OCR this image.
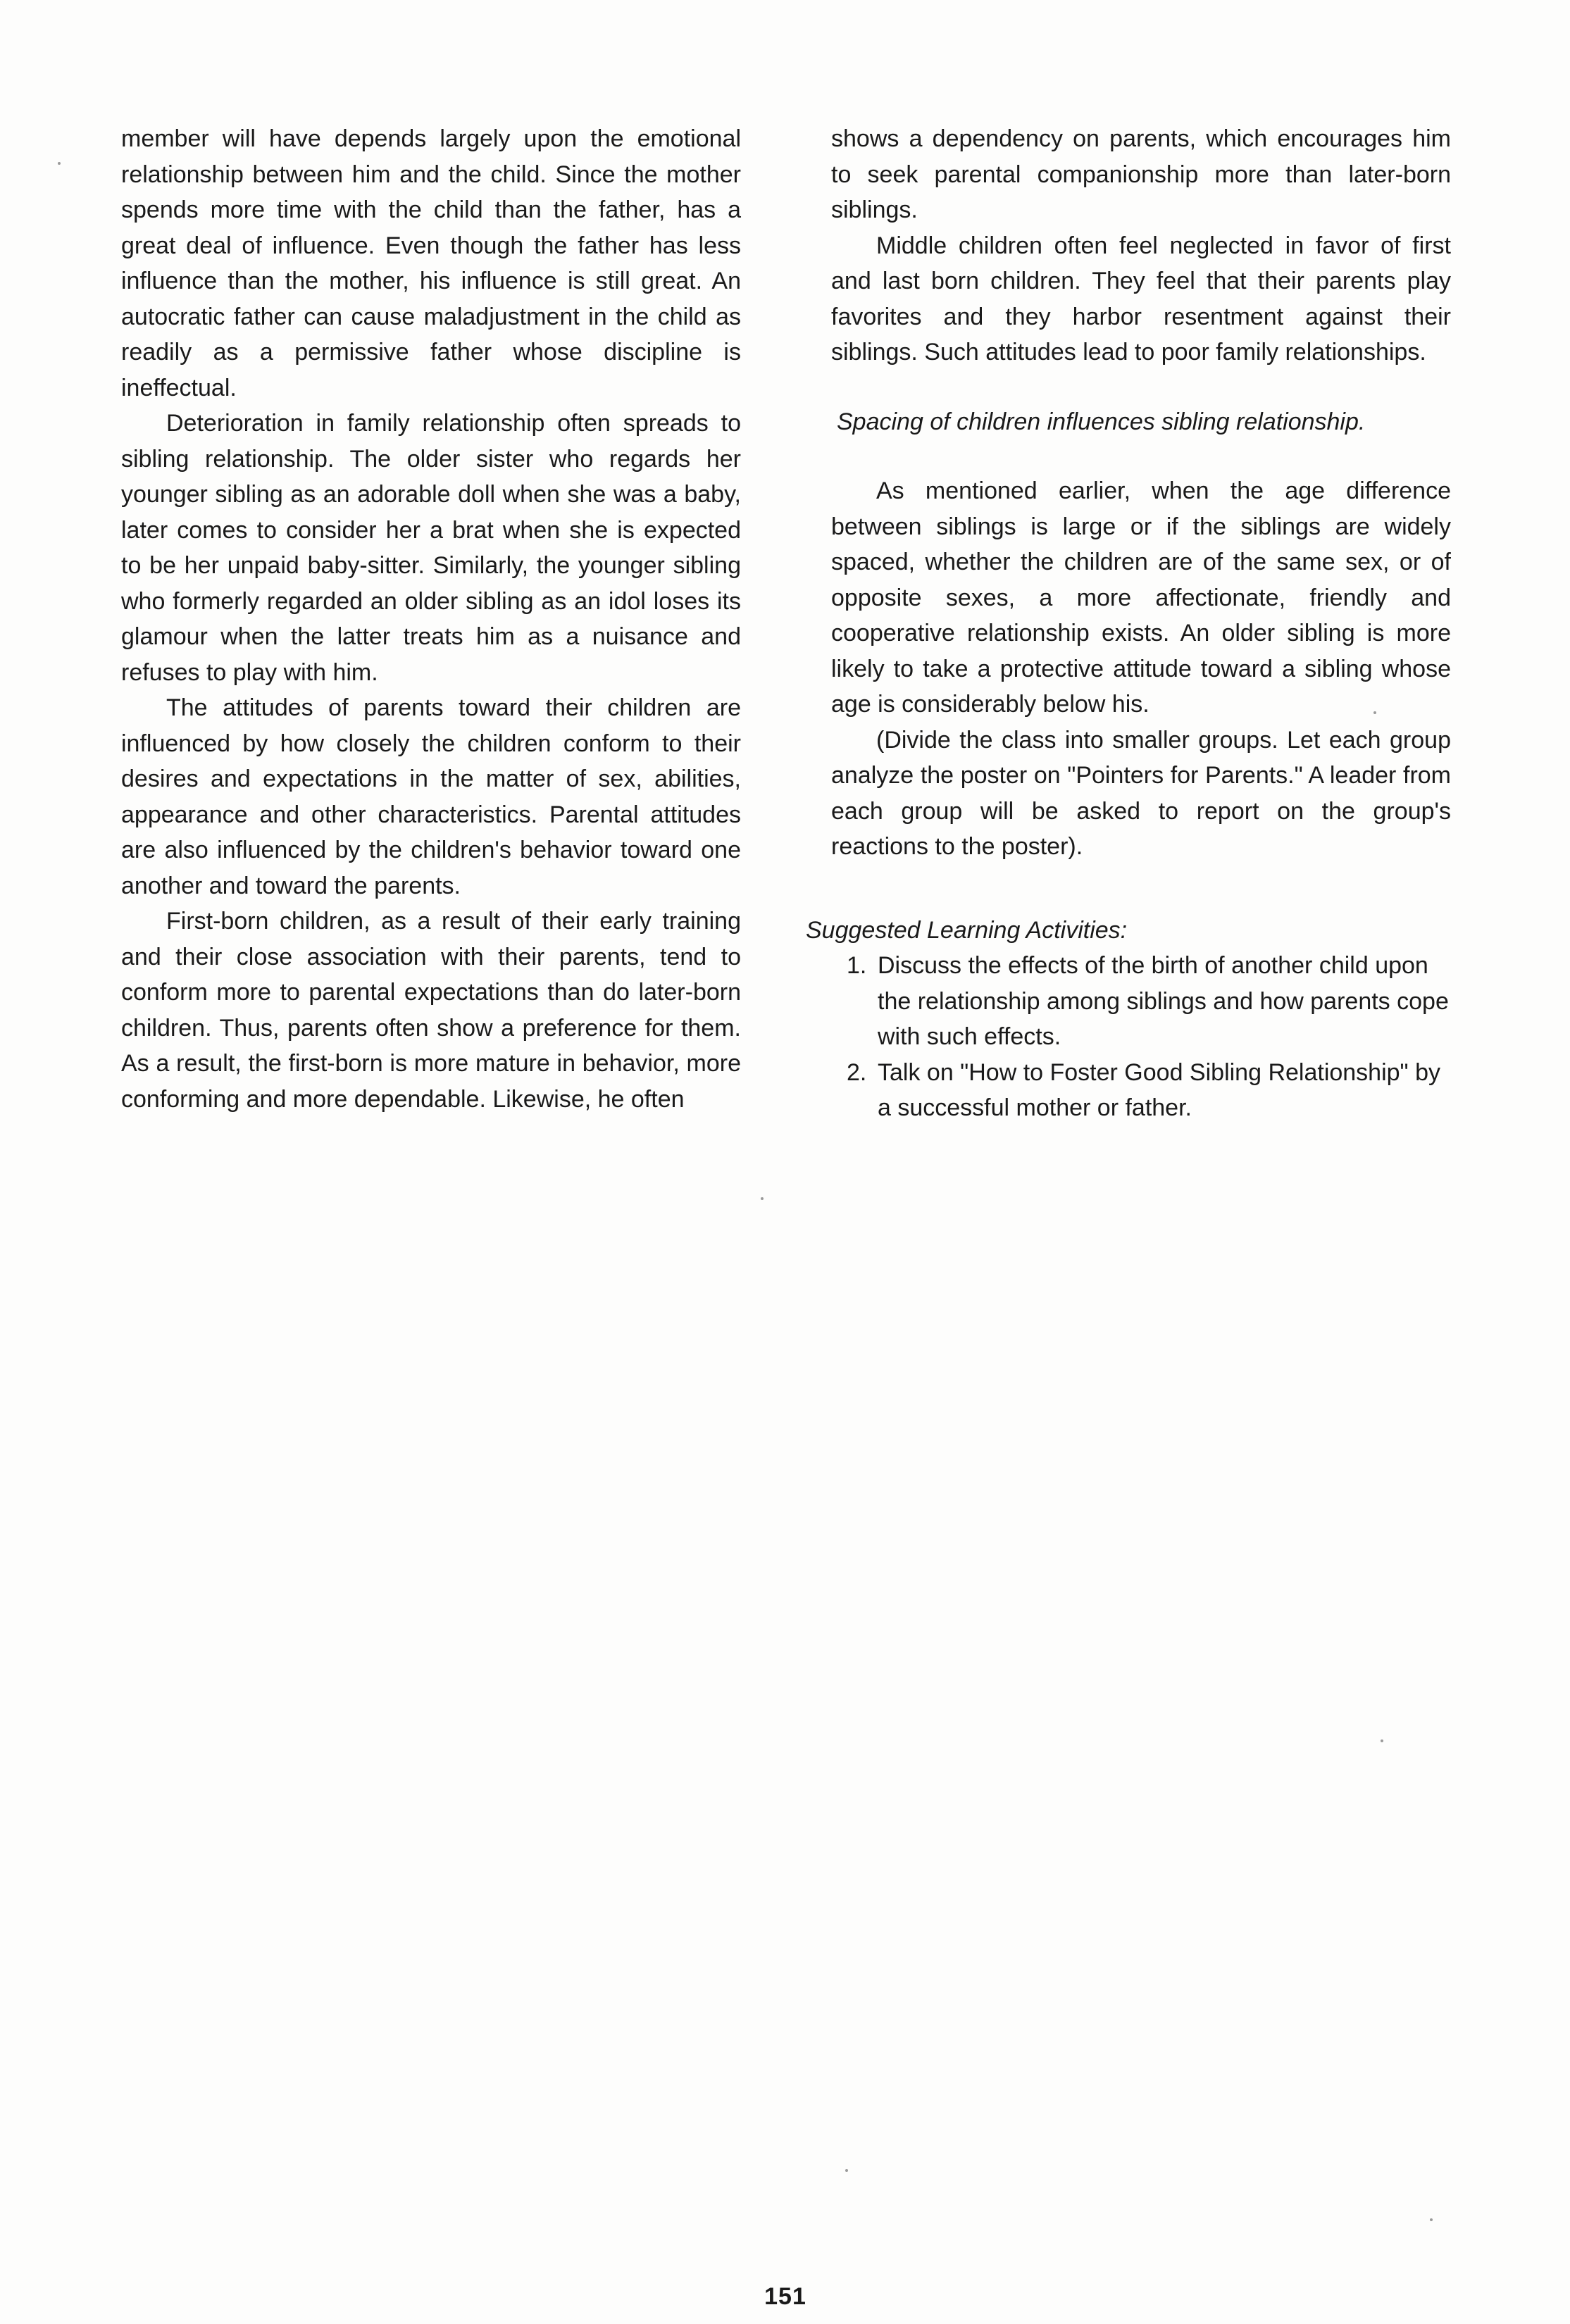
member will have depends largely upon the emotional relationship between him and the child. Since the mother spends more time with the child than the father, has a great deal of influence. Even though the father has less influence than the mother, his influence is still great. An autocratic father can cause maladjustment in the child as readily as a permissive father whose discipline is ineffectual.

Deterioration in family relationship often spreads to sibling relationship. The older sister who regards her younger sibling as an adorable doll when she was a baby, later comes to consider her a brat when she is expected to be her unpaid baby-sitter. Similarly, the younger sibling who formerly regarded an older sibling as an idol loses its glamour when the latter treats him as a nuisance and refuses to play with him.

The attitudes of parents toward their children are influenced by how closely the children conform to their desires and expectations in the matter of sex, abilities, appearance and other characteristics. Parental attitudes are also influenced by the children's behavior toward one another and toward the parents.

First-born children, as a result of their early training and their close association with their parents, tend to conform more to parental expectations than do later-born children. Thus, parents often show a preference for them. As a result, the first-born is more mature in behavior, more conforming and more dependable. Likewise, he often

shows a dependency on parents, which encourages him to seek parental companionship more than later-born siblings.

Middle children often feel neglected in favor of first and last born children. They feel that their parents play favorites and they harbor resentment against their siblings. Such attitudes lead to poor family relationships.

Spacing of children influences sibling relationship.

As mentioned earlier, when the age difference between siblings is large or if the siblings are widely spaced, whether the children are of the same sex, or of opposite sexes, a more affectionate, friendly and cooperative relationship exists. An older sibling is more likely to take a protective attitude toward a sibling whose age is considerably below his.

(Divide the class into smaller groups. Let each group analyze the poster on "Pointers for Parents." A leader from each group will be asked to report on the group's reactions to the poster).

Suggested Learning Activities:

1. Discuss the effects of the birth of another child upon the relationship among siblings and how parents cope with such effects.
2. Talk on "How to Foster Good Sibling Relationship" by a successful mother or father.
151
